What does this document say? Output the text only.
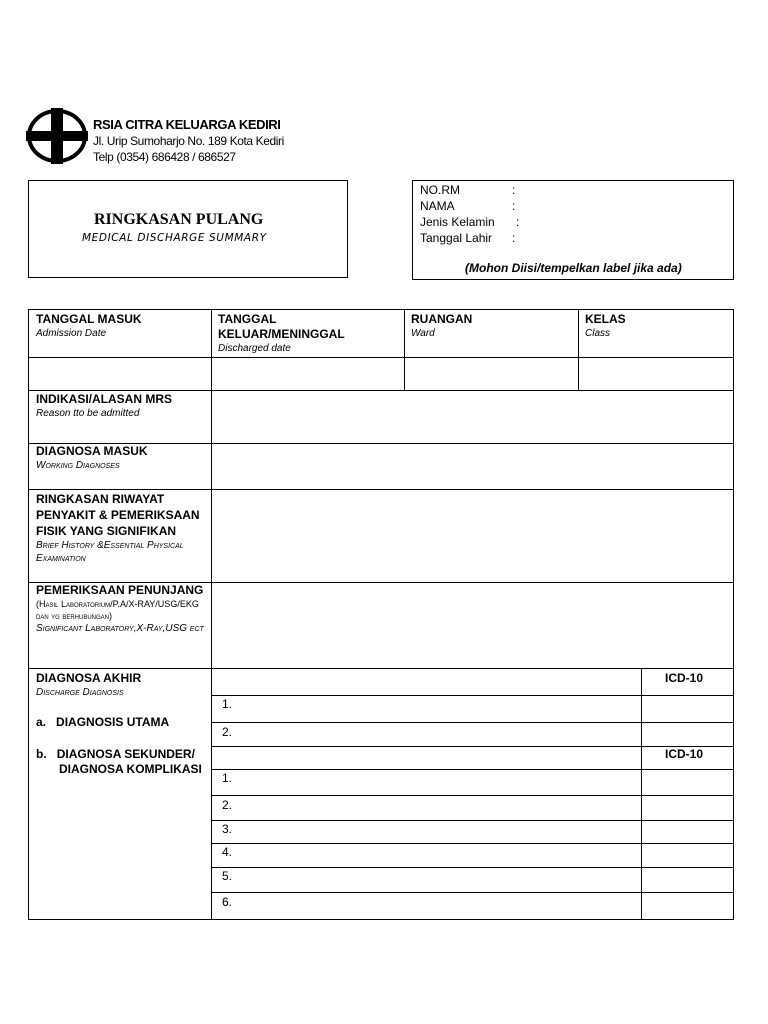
RSIA CITRA KELUARGA KEDIRI
Jl. Urip Sumoharjo No. 189 Kota Kediri
Telp (0354) 686428 / 686527
RINGKASAN PULANG
MEDICAL DISCHARGE SUMMARY
NO.RM	:
NAMA	:
Jenis Kelamin :
Tanggal Lahir :
(Mohon Diisi/tempelkan label jika ada)
TANGGAL MASUK
Admission Date
TANGGAL KELUAR/MENINGGAL
Discharged date
RUANGAN
Ward
KELAS
Class
INDIKASI/ALASAN MRS
Reason tto be admitted
DIAGNOSA MASUK
Working Diagnoses
RINGKASAN RIWAYAT PENYAKIT & PEMERIKSAAN FISIK YANG SIGNIFIKAN
Brief History &Essential Physical Examination
PEMERIKSAAN PENUNJANG
(Hasil Laboratorium/P.A/X-RAY/USG/EKG dan yg berhubungan)
Significant Laboratory,X-Ray,USG ect
DIAGNOSA AKHIR
Discharge Diagnosis
a. DIAGNOSIS UTAMA
b. DIAGNOSA SEKUNDER/
DIAGNOSA KOMPLIKASI
ICD-10
ICD-10
1.
2.
1.
2.
3.
4.
5.
6.
